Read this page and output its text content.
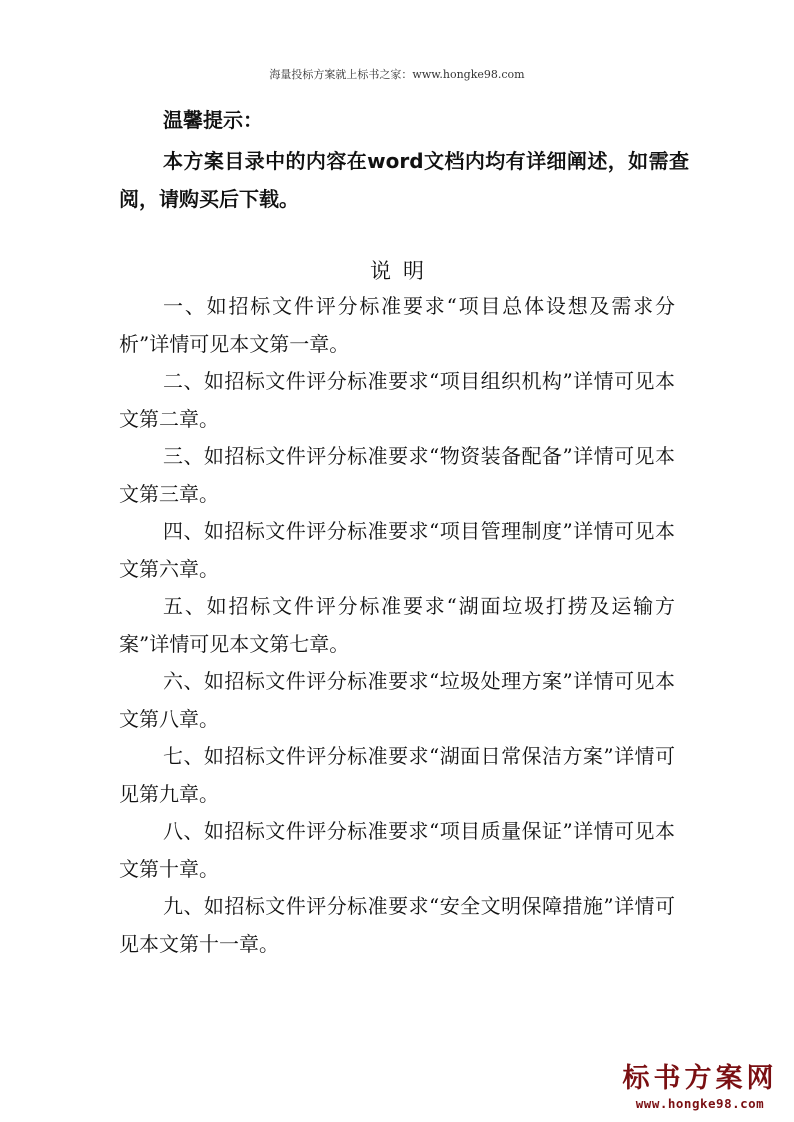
海量投标方案就上标书之家：www.hongke98.com
温馨提示：
本方案目录中的内容在word文档内均有详细阐述，如需查阅，请购买后下载。
说明
一、如招标文件评分标准要求“项目总体设想及需求分析”详情可见本文第一章。
二、如招标文件评分标准要求“项目组织机构”详情可见本文第二章。
三、如招标文件评分标准要求“物资装备配备”详情可见本文第三章。
四、如招标文件评分标准要求“项目管理制度”详情可见本文第六章。
五、如招标文件评分标准要求“湖面垃圾打捞及运输方案”详情可见本文第七章。
六、如招标文件评分标准要求“垃圾处理方案”详情可见本文第八章。
七、如招标文件评分标准要求“湖面日常保洁方案”详情可见第九章。
八、如招标文件评分标准要求“项目质量保证”详情可见本文第十章。
九、如招标文件评分标准要求“安全文明保障措施”详情可见本文第十一章。
标书方案网
www.hongke98.com
